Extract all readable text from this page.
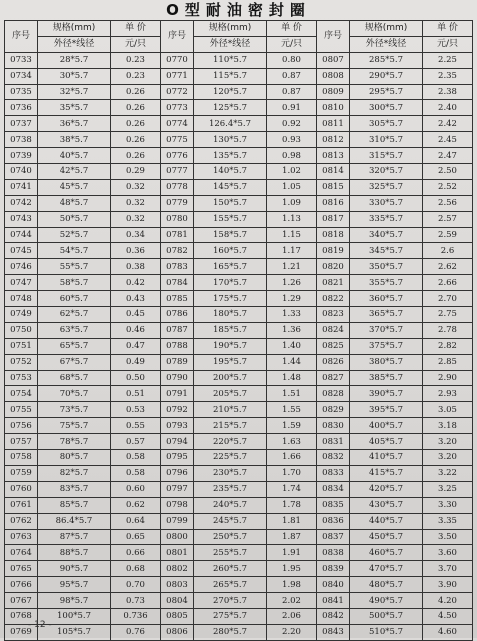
O型耐油密封圈
序号	规格(mm)	单 价	序号	规格(mm)	单 价	序号	规格(mm)	单 价
	外径*线径	元/只		外径*线径	元/只		外径*线径	元/只
0733	28*5.7	0.23	0770	110*5.7	0.80	0807	285*5.7	2.25
0734	30*5.7	0.23	0771	115*5.7	0.87	0808	290*5.7	2.35
0735	32*5.7	0.26	0772	120*5.7	0.87	0809	295*5.7	2.38
0736	35*5.7	0.26	0773	125*5.7	0.91	0810	300*5.7	2.40
0737	36*5.7	0.26	0774	126.4*5.7	0.92	0811	305*5.7	2.42
0738	38*5.7	0.26	0775	130*5.7	0.93	0812	310*5.7	2.45
0739	40*5.7	0.26	0776	135*5.7	0.98	0813	315*5.7	2.47
0740	42*5.7	0.29	0777	140*5.7	1.02	0814	320*5.7	2.50
0741	45*5.7	0.32	0778	145*5.7	1.05	0815	325*5.7	2.52
0742	48*5.7	0.32	0779	150*5.7	1.09	0816	330*5.7	2.56
0743	50*5.7	0.32	0780	155*5.7	1.13	0817	335*5.7	2.57
0744	52*5.7	0.34	0781	158*5.7	1.15	0818	340*5.7	2.59
0745	54*5.7	0.36	0782	160*5.7	1.17	0819	345*5.7	2.6
0746	55*5.7	0.38	0783	165*5.7	1.21	0820	350*5.7	2.62
0747	58*5.7	0.42	0784	170*5.7	1.26	0821	355*5.7	2.66
0748	60*5.7	0.43	0785	175*5.7	1.29	0822	360*5.7	2.70
0749	62*5.7	0.45	0786	180*5.7	1.33	0823	365*5.7	2.75
0750	63*5.7	0.46	0787	185*5.7	1.36	0824	370*5.7	2.78
0751	65*5.7	0.47	0788	190*5.7	1.40	0825	375*5.7	2.82
0752	67*5.7	0.49	0789	195*5.7	1.44	0826	380*5.7	2.85
0753	68*5.7	0.50	0790	200*5.7	1.48	0827	385*5.7	2.90
0754	70*5.7	0.51	0791	205*5.7	1.51	0828	390*5.7	2.93
0755	73*5.7	0.53	0792	210*5.7	1.55	0829	395*5.7	3.05
0756	75*5.7	0.55	0793	215*5.7	1.59	0830	400*5.7	3.18
0757	78*5.7	0.57	0794	220*5.7	1.63	0831	405*5.7	3.20
0758	80*5.7	0.58	0795	225*5.7	1.66	0832	410*5.7	3.20
0759	82*5.7	0.58	0796	230*5.7	1.70	0833	415*5.7	3.22
0760	83*5.7	0.60	0797	235*5.7	1.74	0834	420*5.7	3.25
0761	85*5.7	0.62	0798	240*5.7	1.78	0835	430*5.7	3.30
0762	86.4*5.7	0.64	0799	245*5.7	1.81	0836	440*5.7	3.35
0763	87*5.7	0.65	0800	250*5.7	1.87	0837	450*5.7	3.50
0764	88*5.7	0.66	0801	255*5.7	1.91	0838	460*5.7	3.60
0765	90*5.7	0.68	0802	260*5.7	1.95	0839	470*5.7	3.70
0766	95*5.7	0.70	0803	265*5.7	1.98	0840	480*5.7	3.90
0767	98*5.7	0.73	0804	270*5.7	2.02	0841	490*5.7	4.20
0768	100*5.7	0.736	0805	275*5.7	2.06	0842	500*5.7	4.50
0769	105*5.7	0.76	0806	280*5.7	2.20	0843	510*5.7	4.60
- 12 -
